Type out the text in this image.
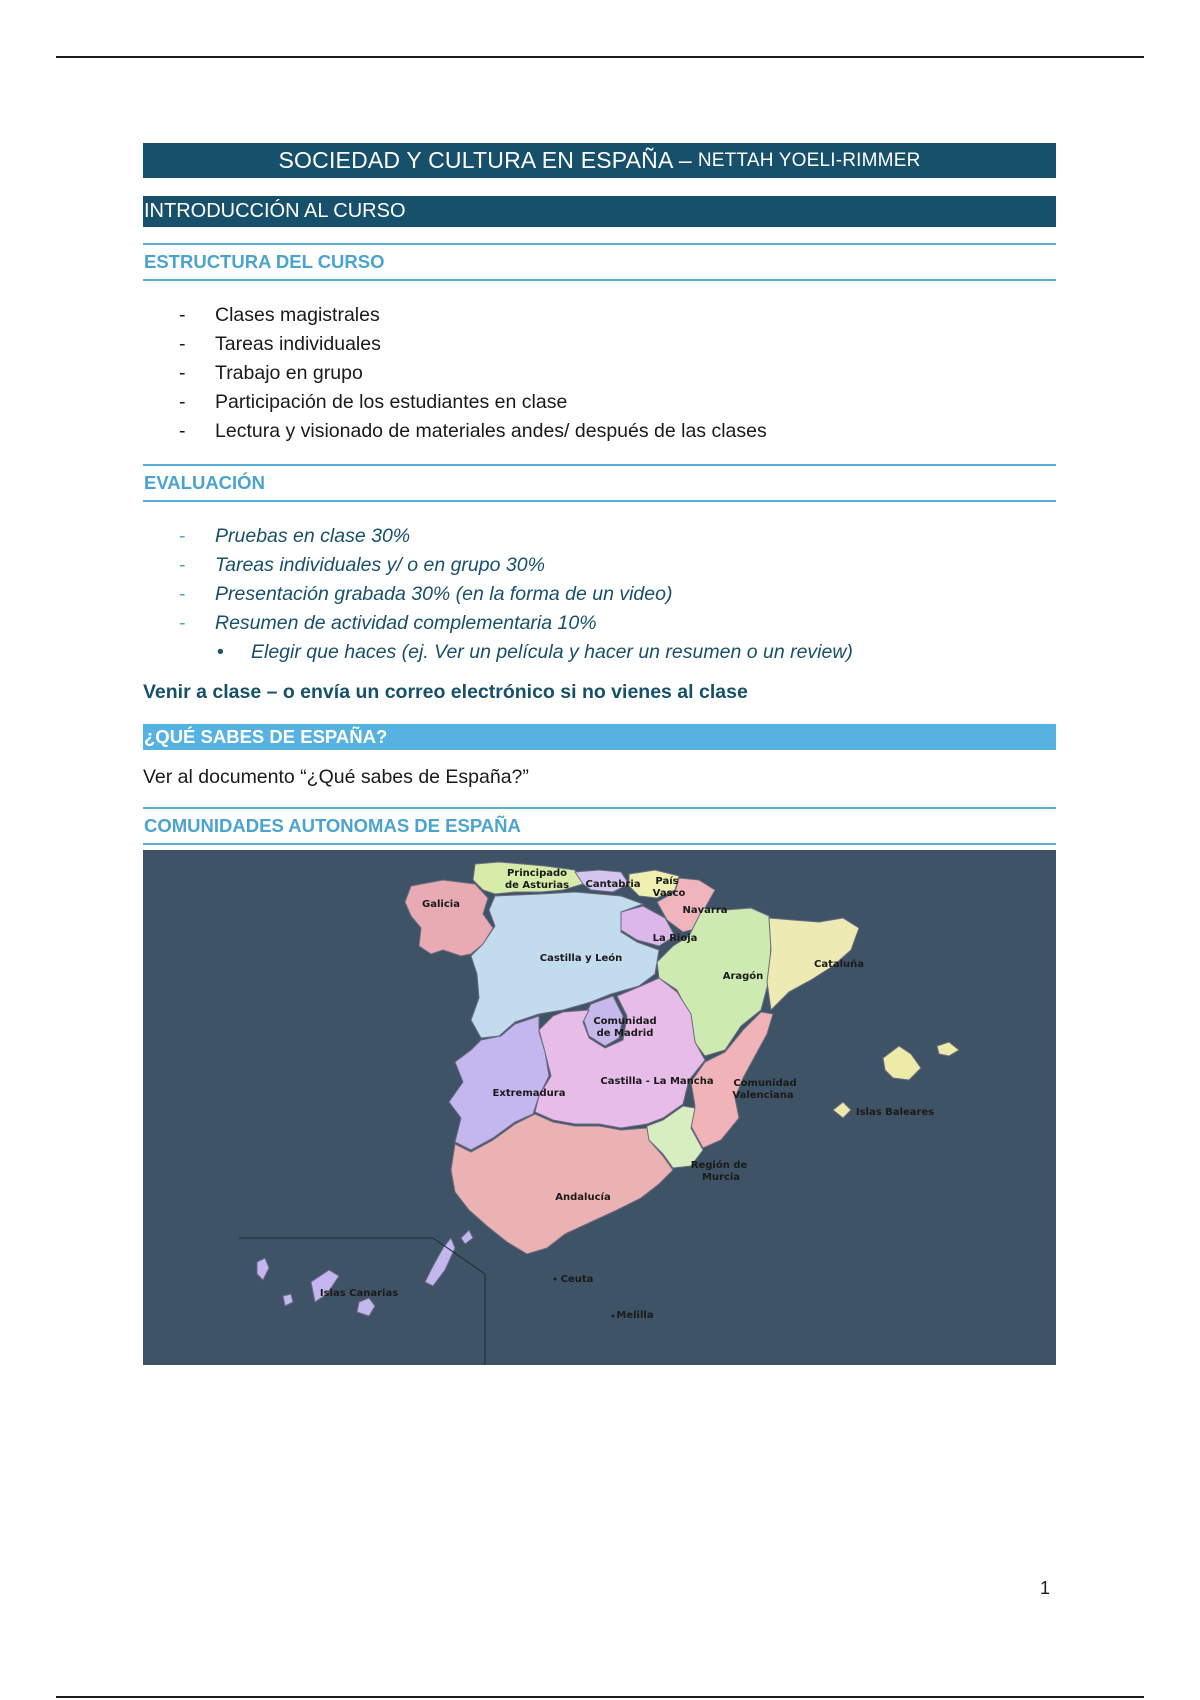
SOCIEDAD Y CULTURA EN ESPAÑA – NETTAH YOELI-RIMMER
INTRODUCCIÓN AL CURSO
ESTRUCTURA DEL CURSO
- Clases magistrales
- Tareas individuales
- Trabajo en grupo
- Participación de los estudiantes en clase
- Lectura y visionado de materiales andes/ después de las clases
EVALUACIÓN
- Pruebas en clase 30%
- Tareas individuales y/ o en grupo 30%
- Presentación grabada 30% (en la forma de un video)
- Resumen de actividad complementaria 10%
• Elegir que haces (ej. Ver un película y hacer un resumen o un review)
Venir a clase – o envía un correo electrónico si no vienes al clase
¿QUÉ SABES DE ESPAÑA?
Ver al documento “¿Qué sabes de España?”
COMUNIDADES AUTONOMAS DE ESPAÑA
Galicia
Principado
de Asturias Cantabria País
Vasco
Navarra
La Rioja
Cataluña
Castilla y León
Aragón
Comunidad
de Madrid
Extremadura
Castilla - La Mancha Comunidad
Valenciana
Islas Baleares
Región de
Murcia
Andalucía
Islas Canarias
Ceuta
Melilla
1
